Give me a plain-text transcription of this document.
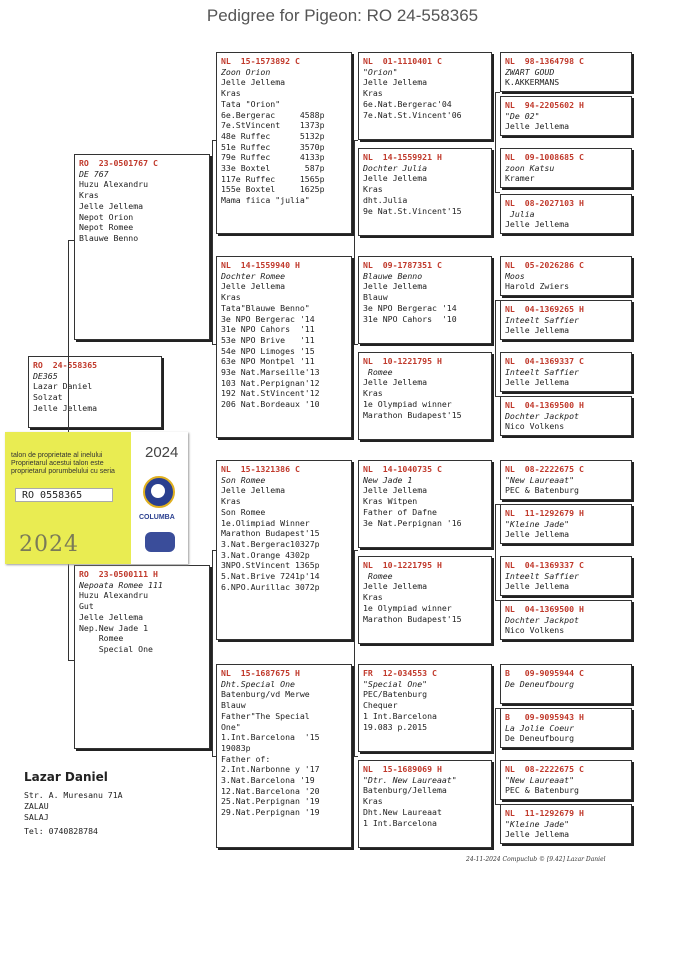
Pedigree for Pigeon: RO 24-558365
RO  24-558365
DE365
Lazar Daniel
Solzat
Jelle Jellema
RO  23-0501767 C
DE 767
Huzu Alexandru
Kras
Jelle Jellema
Nepot Orion
Nepot Romee
Blauwe Benno
RO  23-0500111 H
Nepoata Romee 111
Huzu Alexandru
Gut
Jelle Jellema
Nep.New Jade 1
Romee
Special One
NL  15-1573892 C
Zoon Orion
Jelle Jellema
Kras
Tata "Orion"
6e.Bergerac     4588p
7e.StVincent    1373p
48e Ruffec      5132p
51e Ruffec      3570p
79e Ruffec      4133p
33e Boxtel       587p
117e Ruffec     1565p
155e Boxtel     1625p
Mama fiica "julia"
NL  14-1559940 H
Dochter Romee
Jelle Jellema
Kras
Tata"Blauwe Benno"
3e NPO Bergerac '14
31e NPO Cahors  '11
53e NPO Brive   '11
54e NPO Limoges '15
63e NPO Montpel '11
93e Nat.Marseille'13
103 Nat.Perpignan'12
192 Nat.StVincent'12
206 Nat.Bordeaux '10
NL  15-1321386 C
Son Romee
Jelle Jellema
Kras
Son Romee
1e.Olimpiad Winner
Marathon Budapest'15
3.Nat.Bergerac10327p
3.Nat.Orange 4302p
3NPO.StVincent 1365p
5.Nat.Brive 7241p'14
6.NPO.Aurillac 3072p
NL  15-1687675 H
Dht.Special One
Batenburg/vd Merwe
Blauw
Father"The Special
One"
1.Int.Barcelona  '15
19083p
Father of:
2.Int.Narbonne y '17
3.Nat.Barcelona '19
12.Nat.Barcelona '20
25.Nat.Perpignan '19
29.Nat.Perpignan '19
NL  01-1110401 C
"Orion"
Jelle Jellema
Kras
6e.Nat.Bergerac'04
7e.Nat.St.Vincent'06
NL  14-1559921 H
Dochter Julia
Jelle Jellema
Kras
dht.Julia
9e Nat.St.Vincent'15
NL  09-1787351 C
Blauwe Benno
Jelle Jellema
Blauw
3e NPO Bergerac '14
31e NPO Cahors  '10
NL  10-1221795 H
Romee
Jelle Jellema
Kras
1e Olympiad winner
Marathon Budapest'15
NL  14-1040735 C
New Jade 1
Jelle Jellema
Kras Witpen
Father of Dafne
3e Nat.Perpignan '16
NL  10-1221795 H
Romee
Jelle Jellema
Kras
1e Olympiad winner
Marathon Budapest'15
FR  12-034553 C
"Special One"
PEC/Batenburg
Chequer
1 Int.Barcelona
19.083 p.2015
NL  15-1689069 H
"Dtr. New Laureaat"
Batenburg/Jellema
Kras
Dht.New Laureaat
1 Int.Barcelona
NL  98-1364798 C
ZWART GOUD
K.AKKERMANS
NL  94-2205602 H
"De 02"
Jelle Jellema
NL  09-1008685 C
zoon Katsu
Kramer
NL  08-2027103 H
Julia
Jelle Jellema
NL  05-2026286 C
Moos
Harold Zwiers
NL  04-1369265 H
Inteelt Saffier
Jelle Jellema
NL  04-1369337 C
Inteelt Saffier
Jelle Jellema
NL  04-1369500 H
Dochter Jackpot
Nico Volkens
NL  08-2222675 C
"New Laureaat"
PEC & Batenburg
NL  11-1292679 H
"Kleine Jade"
Jelle Jellema
NL  04-1369337 C
Inteelt Saffier
Jelle Jellema
NL  04-1369500 H
Dochter Jackpot
Nico Volkens
B   09-9095944 C
De Deneufbourg
B   09-9095943 H
La Jolie Coeur
De Deneufbourg
NL  08-2222675 C
"New Laureaat"
PEC & Batenburg
NL  11-1292679 H
"Kleine Jade"
Jelle Jellema
talon de proprietate al inelului
Proprietarul acestui talon este
proprietarul porumbelului cu seria
RO 0558365
2024
2024
COLUMBA
Lazar Daniel
Str. A. Muresanu 71A
ZALAU
SALAJ
Tel: 0740828784
24-11-2024 Compuclub © [9.42] Lazar Daniel
